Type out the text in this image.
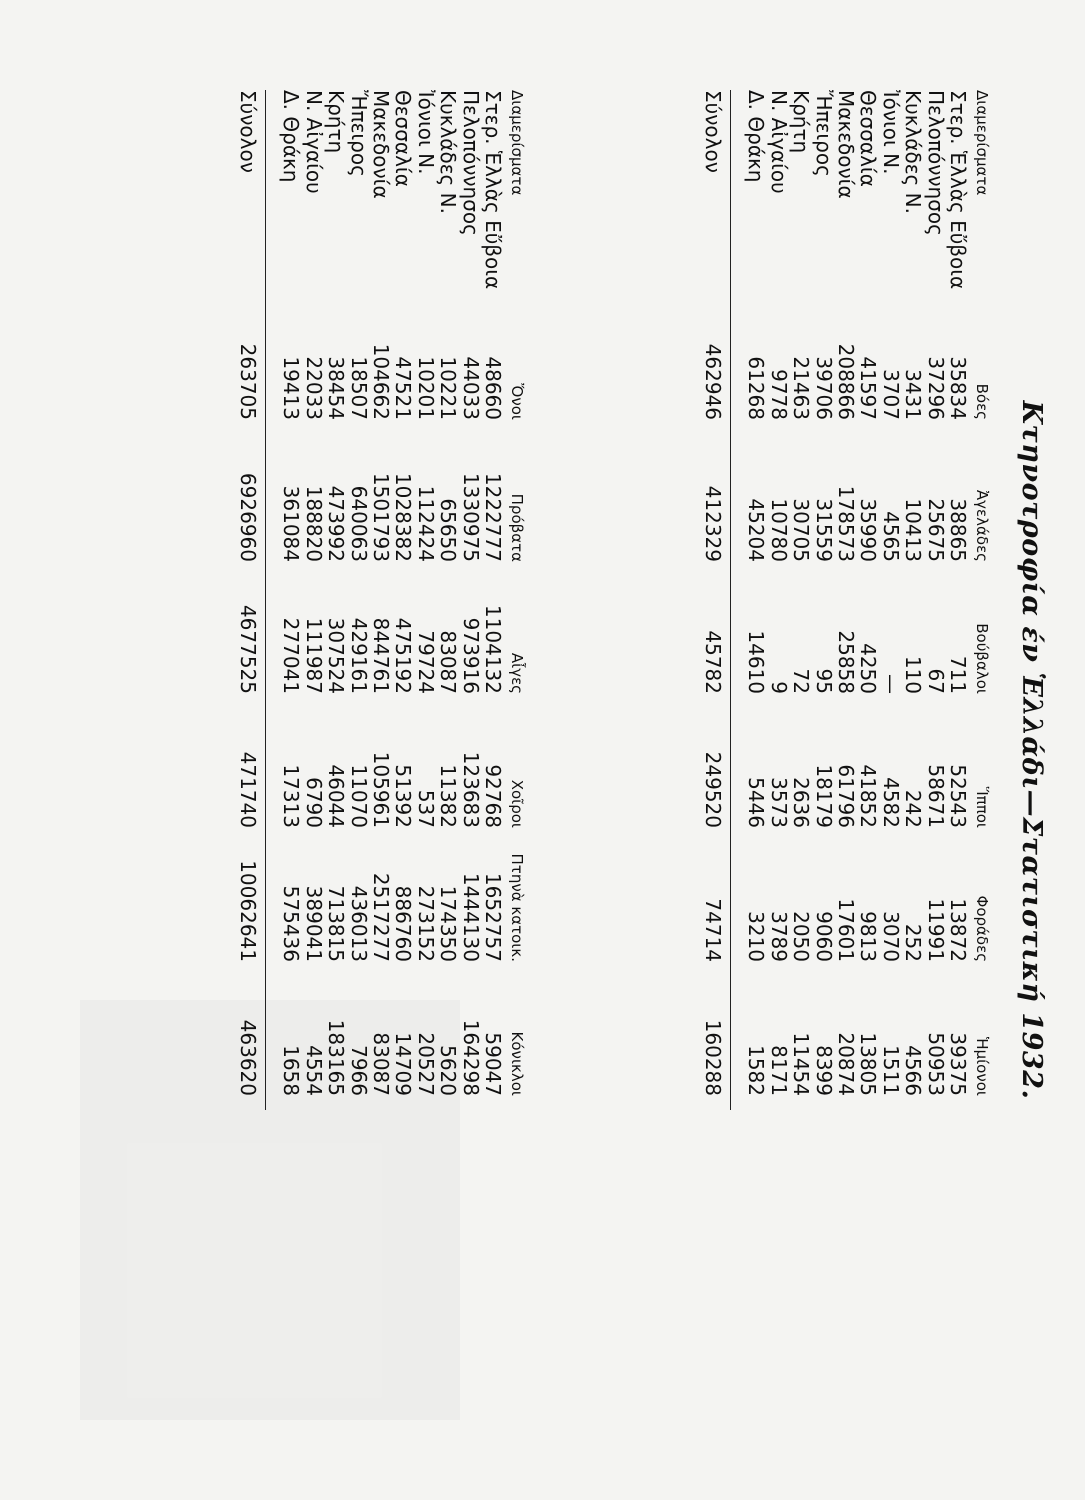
Κτηνοτροφία έν Ἑλλάδι—Στατιστική 1932.
Διαμερίσματα	Βόες	Ἀγελάδες	Βούβαλοι	Ἵπποι	Φοράδες	Ἡμίονοι
Στερ. Ἑλλὰς Εὔβοια	35834	38865	711	52543	13872	39375
Πελοπόννησος	37296	25675	67	58671	11991	50953
Κυκλάδες Ν.	3431	10413	110	242	252	4566
Ἰόνιοι Ν.	3707	4565	—	4582	3070	1511
Θεσσαλία	41597	35990	4250	41852	9813	13805
Μακεδονία	208866	178573	25858	61796	17601	20874
Ἤπειρος	39706	31559	95	18179	9060	8399
Κρήτη	21463	30705	72	2636	2050	11454
Ν. Αἰγαίου	9778	10780	9	3573	3789	8171
Δ. Θράκη	61268	45204	14610	5446	3210	1582

Σύνολον	462946	412329	45782	249520	74714	160288
Διαμερίσματα	Ὄνοι	Πρόβατα	Αἶγες	Χοῖροι	Πτηνὰ κατοικ.	Κόνικλοι
Στερ. Ἑλλὰς Εὔβοια	48660	1222777	1104132	92768	1652757	59047
Πελοπόννησος	44033	1330975	973916	123683	1444130	164298
Κυκλάδες Ν.	10221	65650	83087	11382	174350	5620
Ἰόνιοι Ν.	10201	112424	79724	537	273152	20527
Θεσσαλία	47521	1028382	475192	51392	886760	14709
Μακεδονία	104662	1501793	844761	105961	2517277	83087
Ἤπειρος	18507	640063	429161	11070	436013	7966
Κρήτη	38454	473992	307524	46044	713815	183165
Ν. Αἰγαίου	22033	188820	111987	6790	389041	4554
Δ. Θράκη	19413	361084	277041	17313	575436	1658

Σύνολον	263705	6926960	4677525	471740	10062641	463620
